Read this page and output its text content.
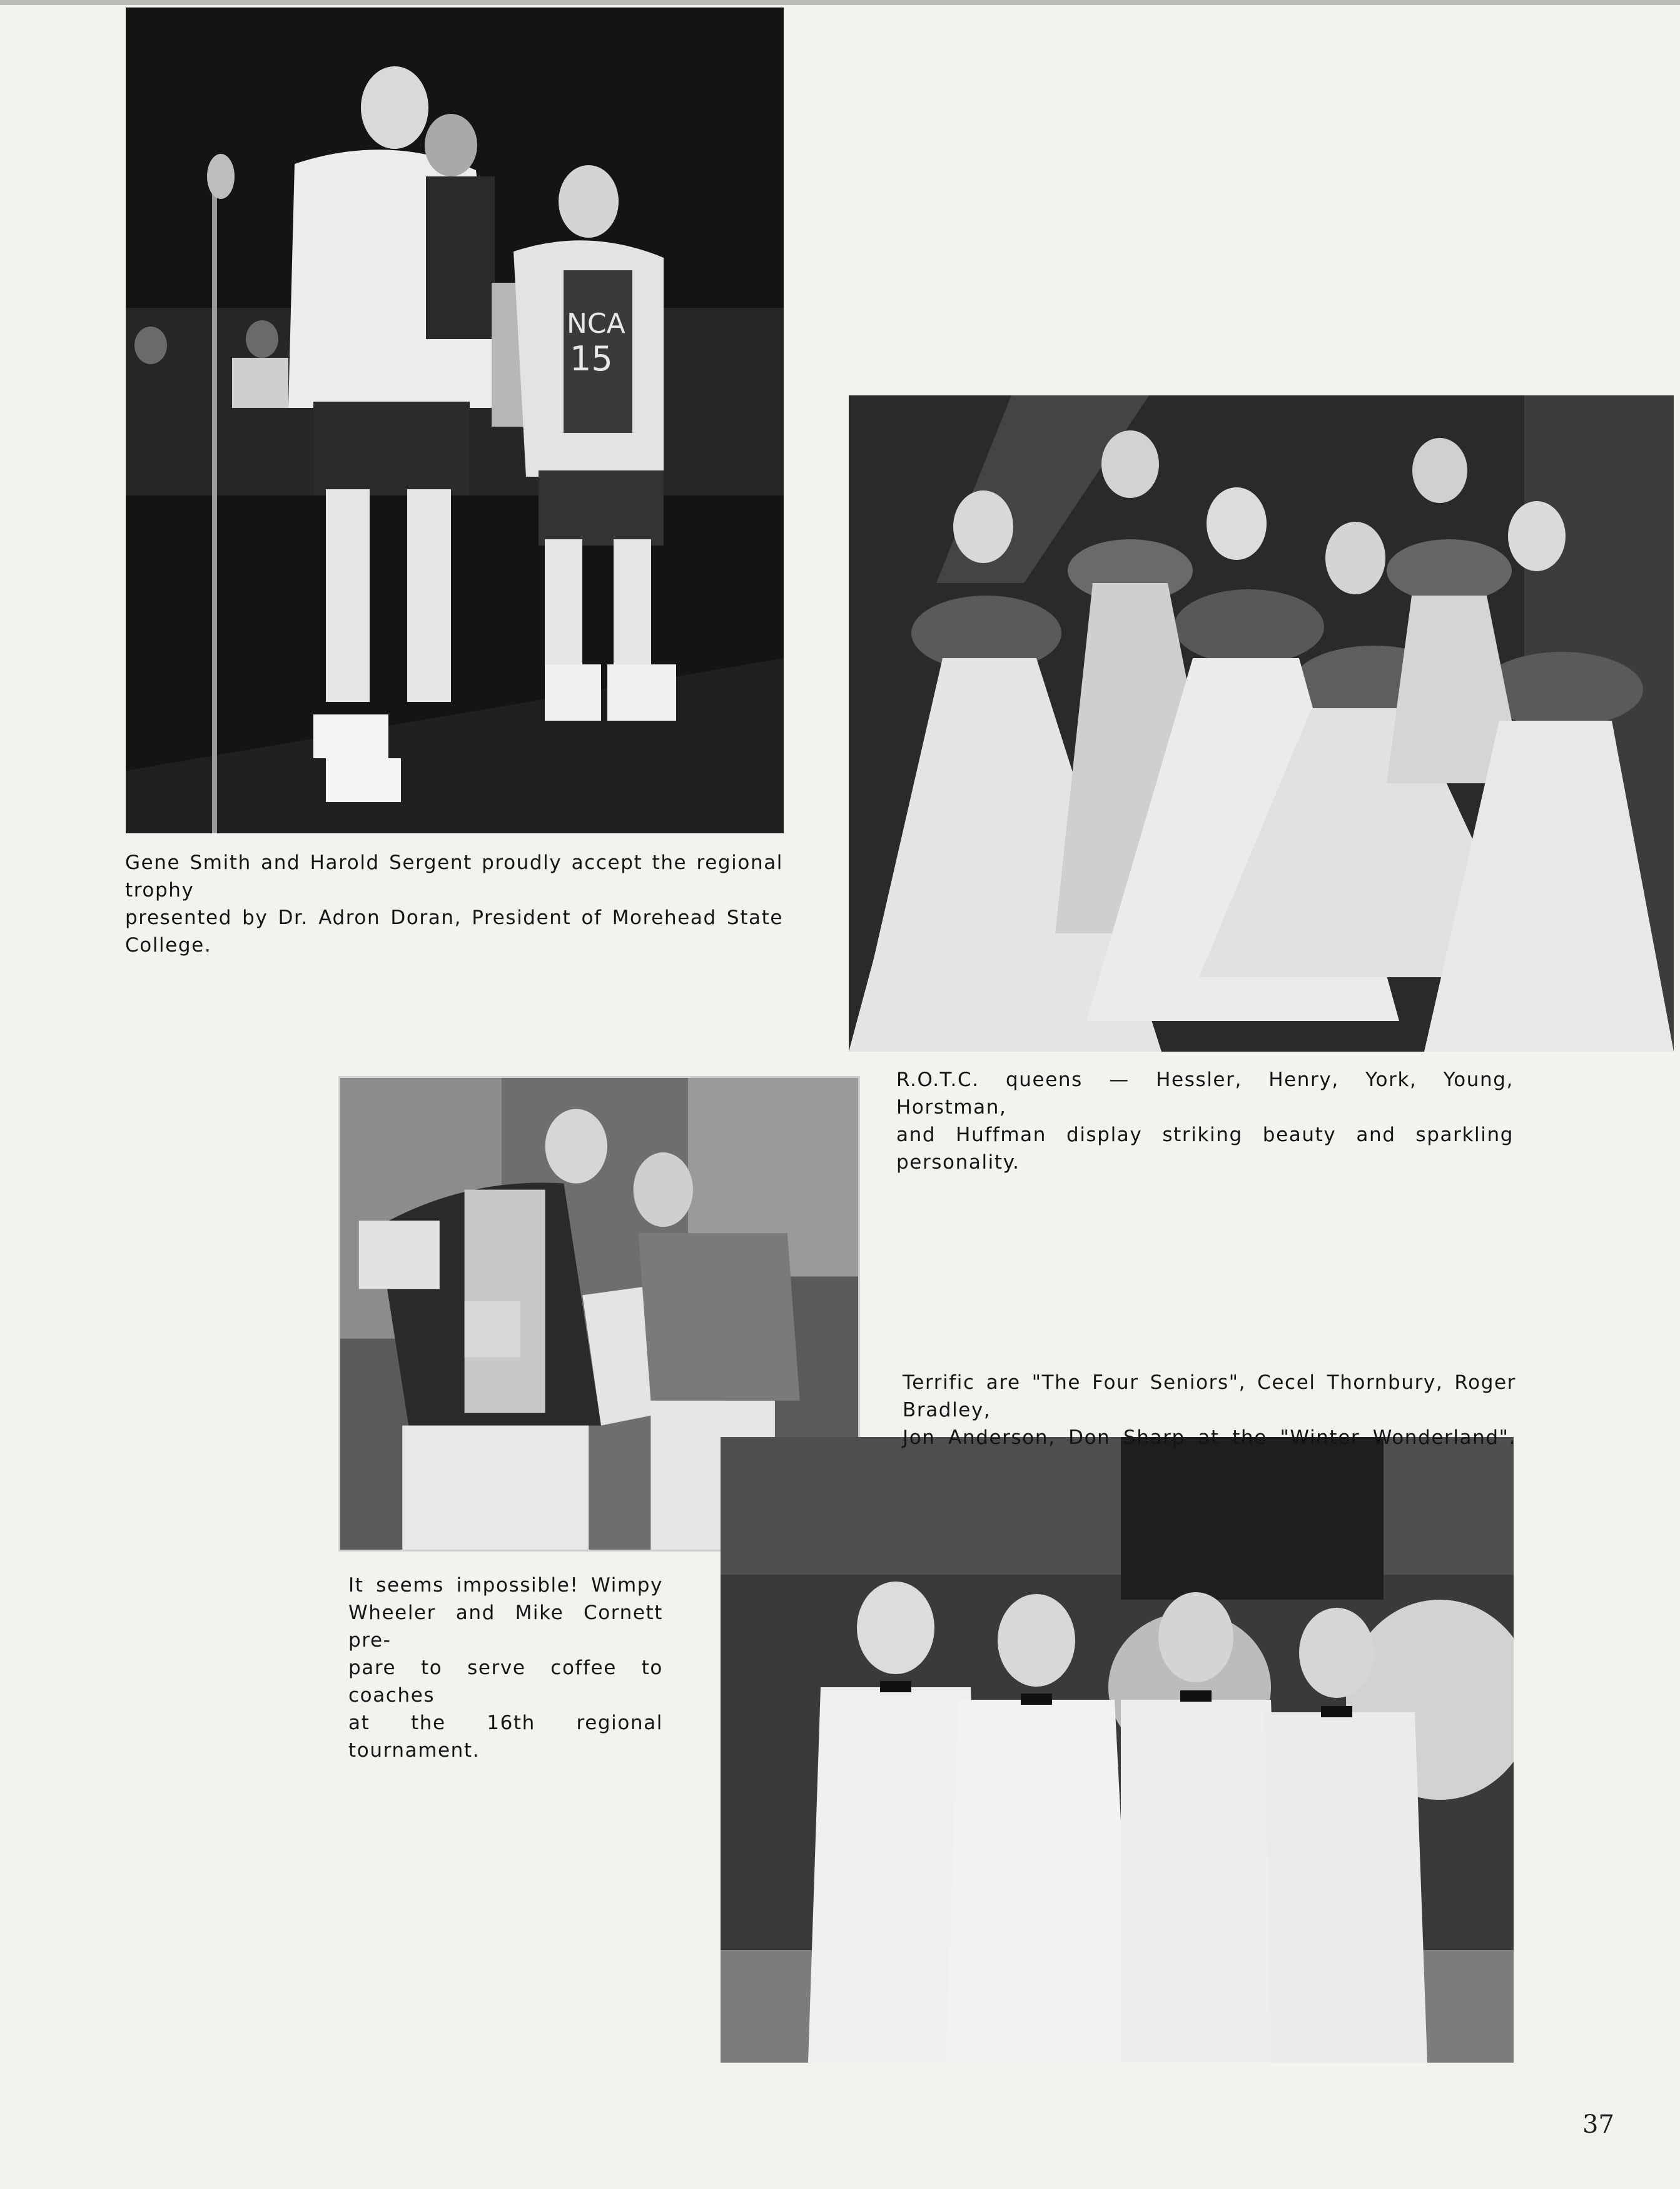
NCA
15
Gene Smith and Harold Sergent proudly accept the regional trophy
presented by Dr. Adron Doran, President of Morehead State College.
R.O.T.C. queens — Hessler, Henry, York, Young, Horstman,
and Huffman display striking beauty and sparkling personality.
It seems impossible! Wimpy
Wheeler and Mike Cornett pre-
pare to serve coffee to coaches
at the 16th regional tournament.
Terrific are "The Four Seniors", Cecel Thornbury, Roger Bradley,
Jon Anderson, Don Sharp at the "Winter Wonderland".
37
